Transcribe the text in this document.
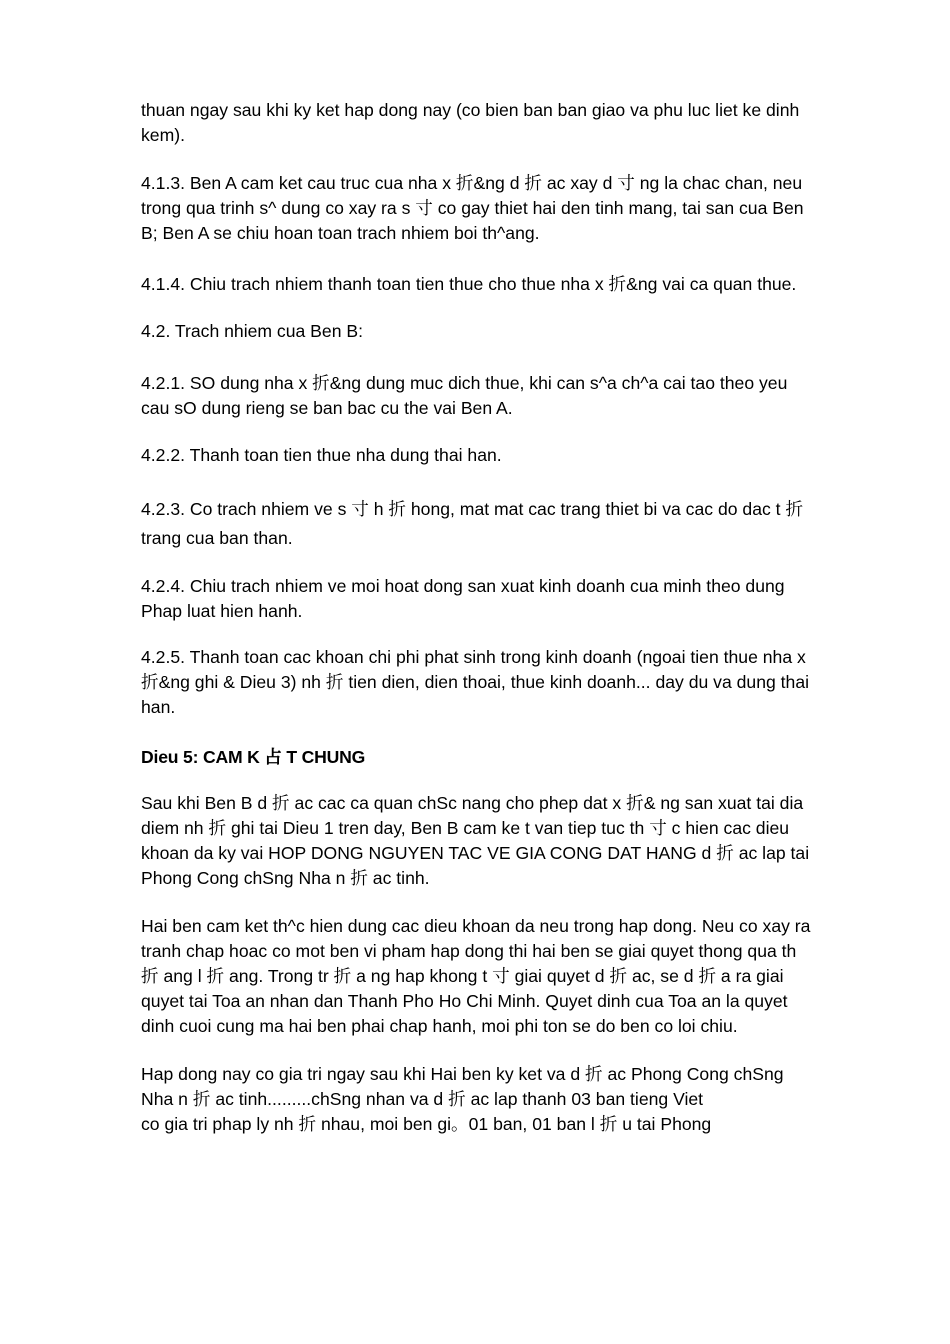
thuan ngay sau khi ky ket hap dong nay (co bien ban ban giao va phu luc liet ke dinh kem).

4.1.3. Ben A cam ket cau truc cua nha x 折&ng d 折 ac xay d 寸 ng la chac chan, neu trong qua trinh s^ dung co xay ra s 寸 co gay thiet hai den tinh mang, tai san cua Ben B; Ben A se chiu hoan toan trach nhiem boi th^ang.

4.1.4. Chiu trach nhiem thanh toan tien thue cho thue nha x 折&ng vai ca quan thue.

4.2. Trach nhiem cua Ben B:

4.2.1. SO dung nha x 折&ng dung muc dich thue, khi can s^a ch^a cai tao theo yeu cau sO dung rieng se ban bac cu the vai Ben A.

4.2.2. Thanh toan tien thue nha dung thai han.

4.2.3. Co trach nhiem ve s 寸 h 折 hong, mat mat cac trang thiet bi va cac do dac t 折 trang cua ban than.

4.2.4. Chiu trach nhiem ve moi hoat dong san xuat kinh doanh cua minh theo dung Phap luat hien hanh.

4.2.5. Thanh toan cac khoan chi phi phat sinh trong kinh doanh (ngoai tien thue nha x 折&ng ghi & Dieu 3) nh 折 tien dien, dien thoai, thue kinh doanh... day du va dung thai han.

Dieu 5: CAM K 占 T CHUNG

Sau khi Ben B d 折 ac cac ca quan chSc nang cho phep dat x 折& ng san xuat tai dia diem nh 折 ghi tai Dieu 1 tren day, Ben B cam ke t van tiep tuc th 寸 c hien cac dieu khoan da ky vai HOP DONG NGUYEN TAC VE GIA CONG DAT HANG d 折 ac lap tai Phong Cong chSng Nha n 折 ac tinh.

Hai ben cam ket th^c hien dung cac dieu khoan da neu trong hap dong. Neu co xay ra tranh chap hoac co mot ben vi pham hap dong thi hai ben se giai quyet thong qua th 折 ang l 折 ang. Trong tr 折 a ng hap khong t 寸 giai quyet d 折 ac, se d 折 a ra giai quyet tai Toa an nhan dan Thanh Pho Ho Chi Minh. Quyet dinh cua Toa an la quyet dinh cuoi cung ma hai ben phai chap hanh, moi phi ton se do ben co loi chiu.

Hap dong nay co gia tri ngay sau khi Hai ben ky ket va d 折 ac Phong Cong chSng Nha n 折 ac tinh.........chSng nhan va d 折 ac lap thanh 03 ban tieng Viet

co gia tri phap ly nh 折 nhau, moi ben gi。01 ban, 01 ban l 折 u tai Phong
